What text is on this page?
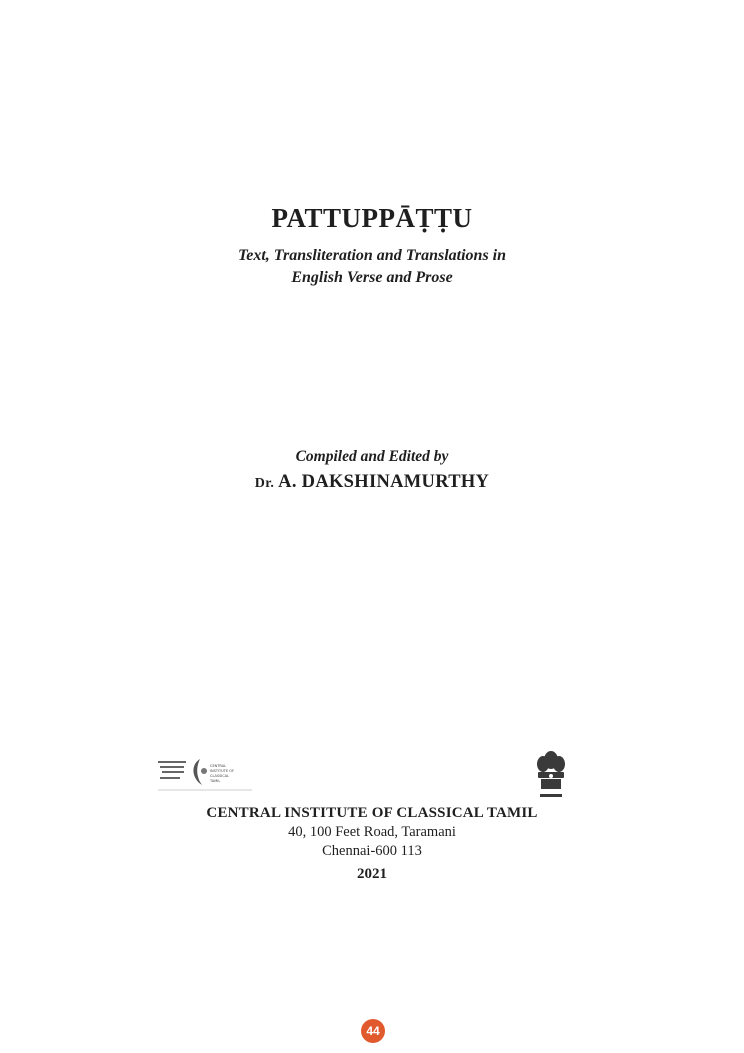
PATTUPPĀṬṬU
Text, Transliteration and Translations in
English Verse and Prose
Compiled and Edited by
Dr. A. DAKSHINAMURTHY
CENTRAL
INSTITUTE OF
CLASSICAL
TAMIL
CENTRAL INSTITUTE OF CLASSICAL TAMIL
40, 100 Feet Road, Taramani
Chennai-600 113
2021
44
